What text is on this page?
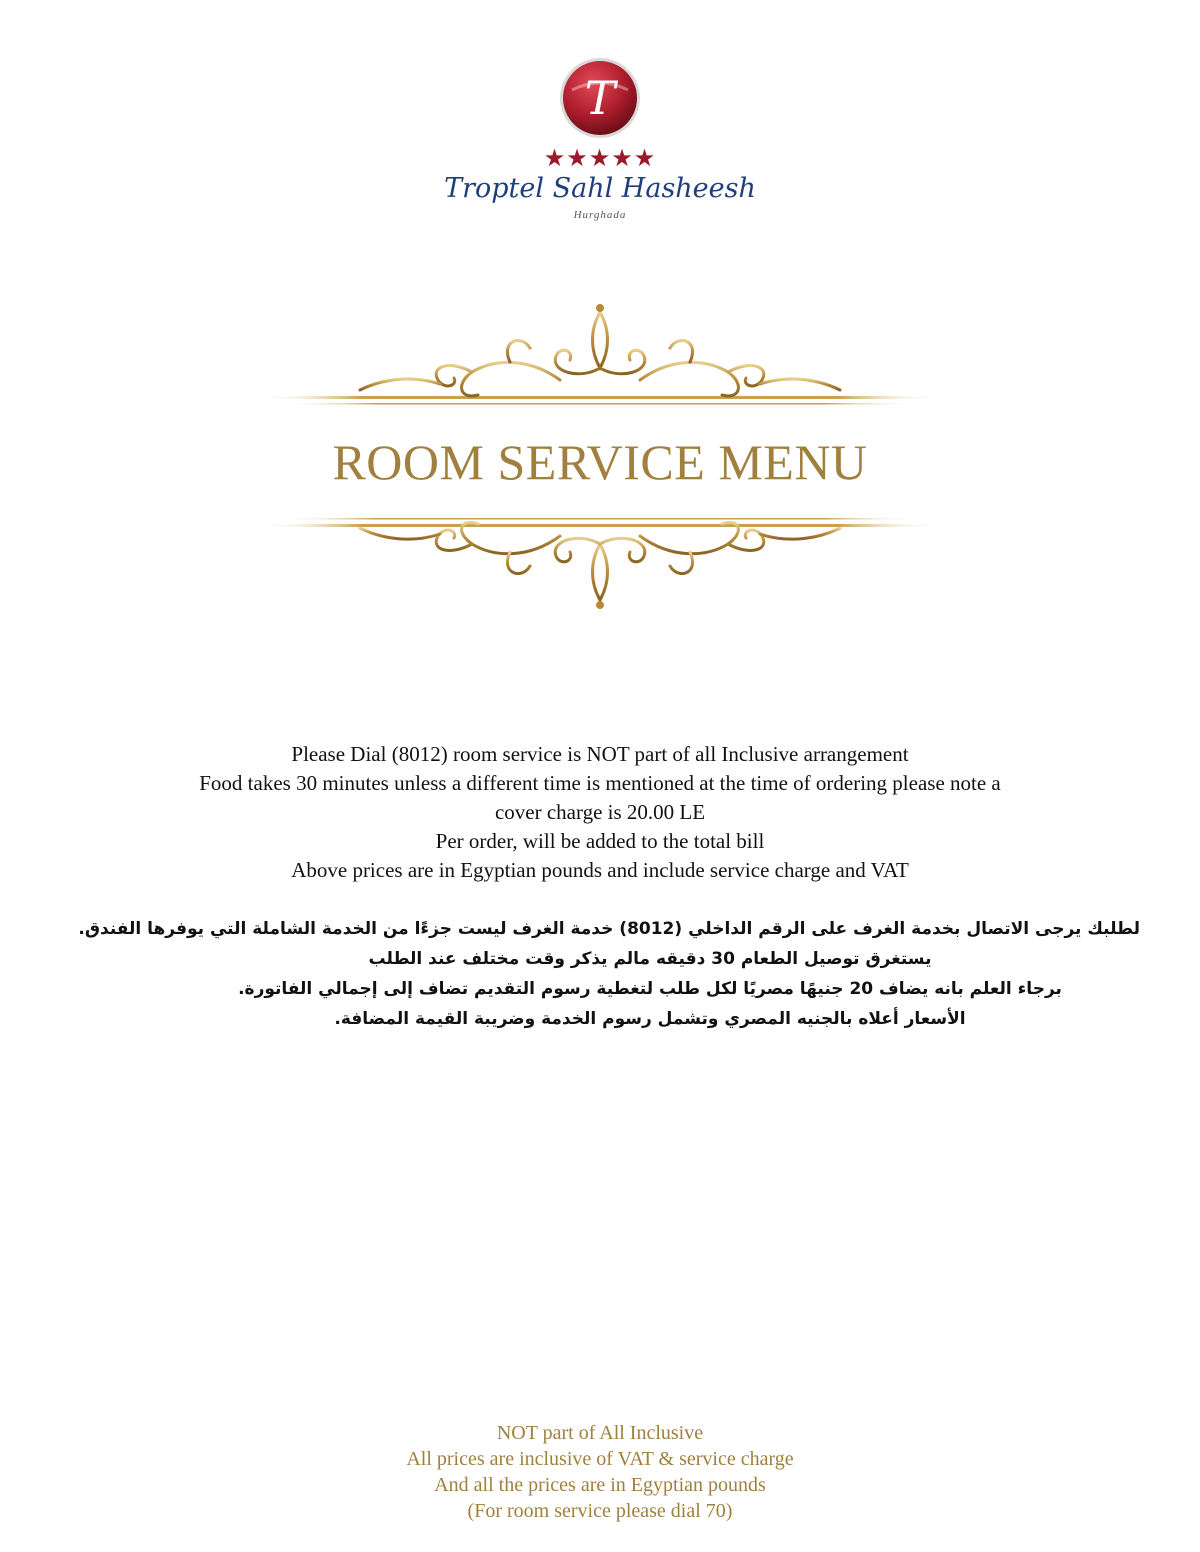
T
★★★★★
Troptel Sahl Hasheesh
Hurghada
ROOM SERVICE MENU
Please Dial (8012) room service is NOT part of all Inclusive arrangement
Food takes 30 minutes unless a different time is mentioned at the time of ordering please note a
cover charge is 20.00 LE
Per order, will be added to the total bill
Above prices are in Egyptian pounds and include service charge and VAT
لطلبك يرجى الاتصال بخدمة الغرف على الرقم الداخلي (8012) خدمة الغرف ليست جزءًا من الخدمة الشاملة التي يوفرها الفندق.
يستغرق توصيل الطعام 30 دقيقه مالم يذكر وقت مختلف عند الطلب
برجاء العلم بانه يضاف 20 جنيهًا مصريًا لكل طلب لتغطية رسوم التقديم تضاف إلى إجمالي الفاتورة.
الأسعار أعلاه بالجنيه المصري وتشمل رسوم الخدمة وضريبة القيمة المضافة.
NOT part of All Inclusive
All prices are inclusive of VAT & service charge
And all the prices are in Egyptian pounds
(For room service please dial 70)
